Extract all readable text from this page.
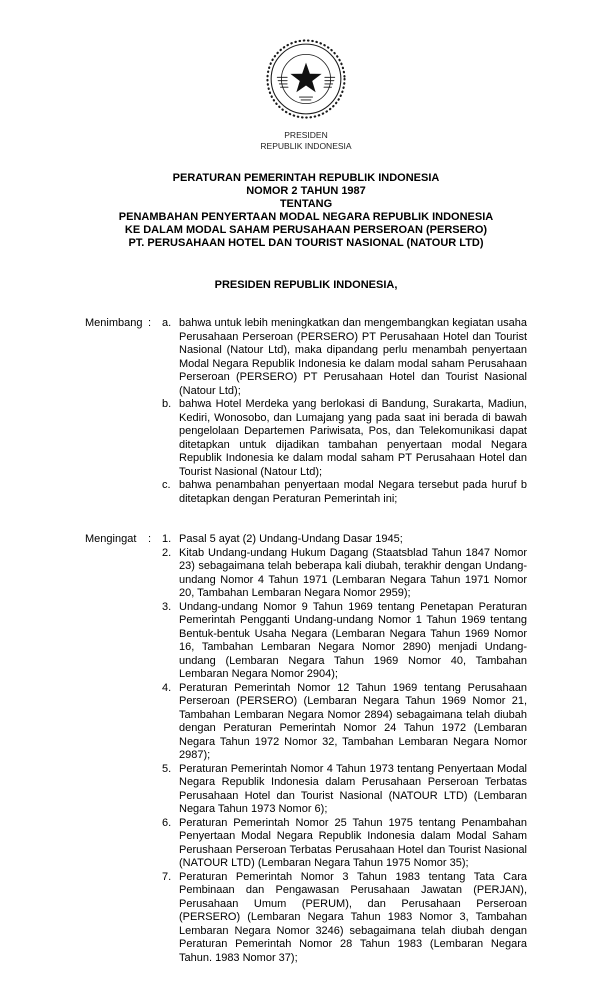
PRESIDEN
REPUBLIK INDONESIA
PERATURAN PEMERINTAH REPUBLIK INDONESIA
NOMOR 2 TAHUN 1987
TENTANG
PENAMBAHAN PENYERTAAN MODAL NEGARA REPUBLIK INDONESIA
KE DALAM MODAL SAHAM PERUSAHAAN PERSEROAN (PERSERO)
PT. PERUSAHAAN HOTEL DAN TOURIST NASIONAL (NATOUR LTD)
PRESIDEN REPUBLIK INDONESIA,
Menimbang : a. bahwa untuk lebih meningkatkan dan mengembangkan kegiatan usaha Perusahaan Perseroan (PERSERO) PT Perusahaan Hotel dan Tourist Nasional (Natour Ltd), maka dipandang perlu menambah penyertaan Modal Negara Republik Indonesia ke dalam modal saham Perusahaan Perseroan (PERSERO) PT Perusahaan Hotel dan Tourist Nasional (Natour Ltd);
b. bahwa Hotel Merdeka yang berlokasi di Bandung, Surakarta, Madiun, Kediri, Wonosobo, dan Lumajang yang pada saat ini berada di bawah pengelolaan Departemen Pariwisata, Pos, dan Telekomunikasi dapat ditetapkan untuk dijadikan tambahan penyertaan modal Negara Republik Indonesia ke dalam modal saham PT Perusahaan Hotel dan Tourist Nasional (Natour Ltd);
c. bahwa penambahan penyertaan modal Negara tersebut pada huruf b ditetapkan dengan Peraturan Pemerintah ini;
Mengingat	: 1. Pasal 5 ayat (2) Undang-Undang Dasar 1945;
2. Kitab Undang-undang Hukum Dagang (Staatsblad Tahun 1847 Nomor 23) sebagaimana telah beberapa kali diubah, terakhir dengan Undang-undang Nomor 4 Tahun 1971 (Lembaran Negara Tahun 1971 Nomor 20, Tambahan Lembaran Negara Nomor 2959);
3. Undang-undang Nomor 9 Tahun 1969 tentang Penetapan Peraturan Pemerintah Pengganti Undang-undang Nomor 1 Tahun 1969 tentang Bentuk-bentuk Usaha Negara (Lembaran Negara Tahun 1969 Nomor 16, Tambahan Lembaran Negara Nomor 2890) menjadi Undang-undang (Lembaran Negara Tahun 1969 Nomor 40, Tambahan Lembaran Negara Nomor 2904);
4. Peraturan Pemerintah Nomor 12 Tahun 1969 tentang Perusahaan Perseroan (PERSERO) (Lembaran Negara Tahun 1969 Nomor 21, Tambahan Lembaran Negara Nomor 2894) sebagaimana telah diubah dengan Peraturan Pemerintah Nomor 24 Tahun 1972 (Lembaran Negara Tahun 1972 Nomor 32, Tambahan Lembaran Negara Nomor 2987);
5. Peraturan Pemerintah Nomor 4 Tahun 1973 tentang Penyertaan Modal Negara Republik Indonesia dalam Perusahaan Perseroan Terbatas Perusahaan Hotel dan Tourist Nasional (NATOUR LTD) (Lembaran Negara Tahun 1973 Nomor 6);
6. Peraturan Pemerintah Nomor 25 Tahun 1975 tentang Penambahan Penyertaan Modal Negara Republik Indonesia dalam Modal Saham Perushaan Perseroan Terbatas Perusahaan Hotel dan Tourist Nasional (NATOUR LTD) (Lembaran Negara Tahun 1975 Nomor 35);
7. Peraturan Pemerintah Nomor 3 Tahun 1983 tentang Tata Cara Pembinaan dan Pengawasan Perusahaan Jawatan (PERJAN), Perusahaan Umum (PERUM), dan Perusahaan Perseroan (PERSERO) (Lembaran Negara Tahun 1983 Nomor 3, Tambahan Lembaran Negara Nomor 3246) sebagaimana telah diubah dengan Peraturan Pemerintah Nomor 28 Tahun 1983 (Lembaran Negara Tahun. 1983 Nomor 37);
